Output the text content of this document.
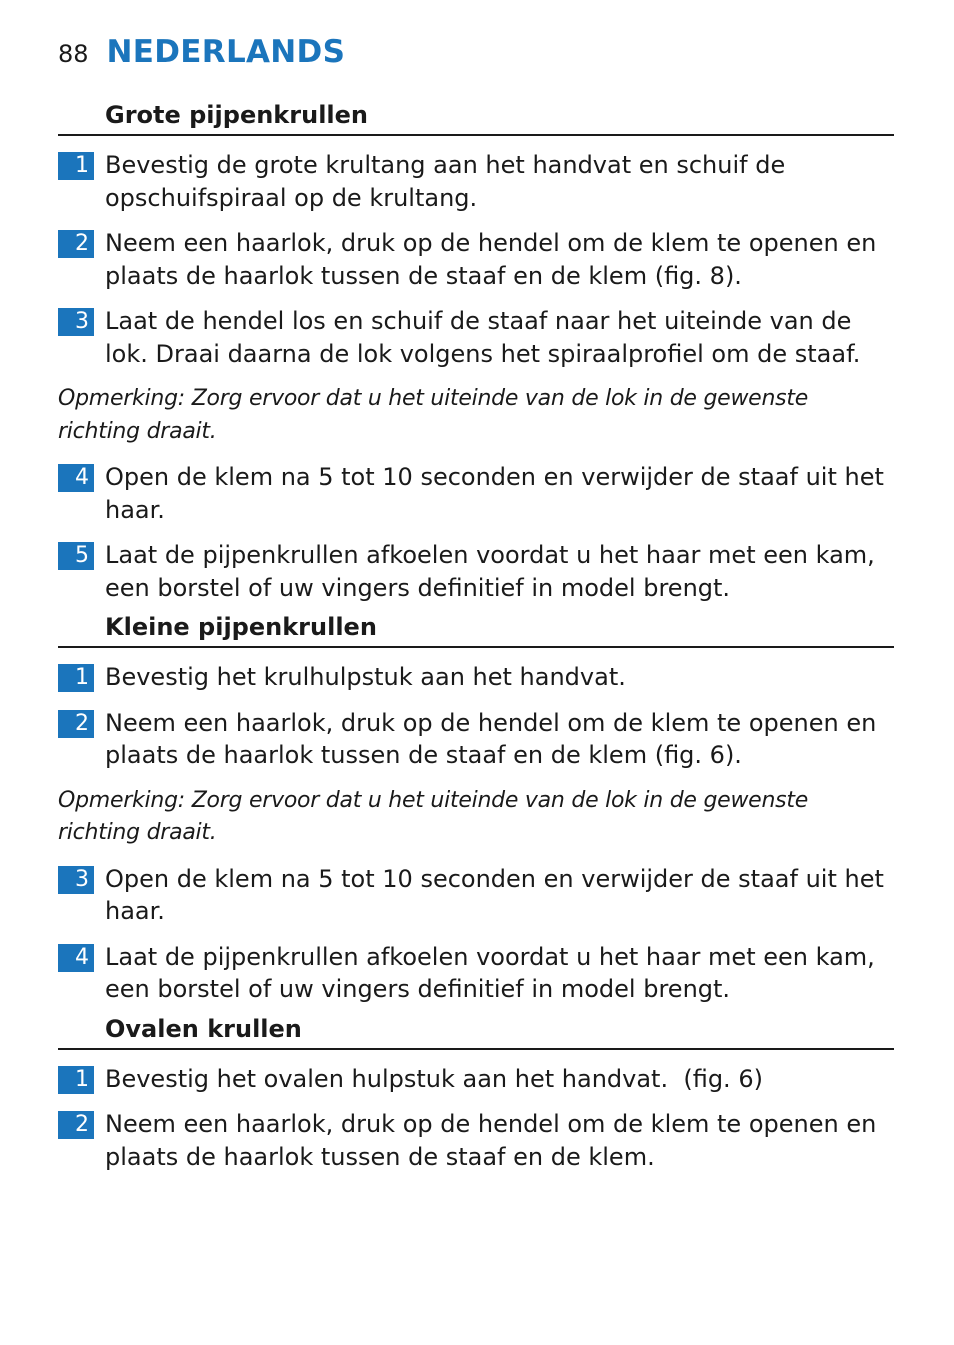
88 NEDERLANDS
Grote pijpenkrullen
1 Bevestig de grote krultang aan het handvat en schuif de opschuifspiraal op de krultang.
2 Neem een haarlok, druk op de hendel om de klem te openen en plaats de haarlok tussen de staaf en de klem (fig. 8).
3 Laat de hendel los en schuif de staaf naar het uiteinde van de lok. Draai daarna de lok volgens het spiraalprofiel om de staaf.
Opmerking: Zorg ervoor dat u het uiteinde van de lok in de gewenste richting draait.
4 Open de klem na 5 tot 10 seconden en verwijder de staaf uit het haar.
5 Laat de pijpenkrullen afkoelen voordat u het haar met een kam, een borstel of uw vingers definitief in model brengt.
Kleine pijpenkrullen
1 Bevestig het krulhulpstuk aan het handvat.
2 Neem een haarlok, druk op de hendel om de klem te openen en plaats de haarlok tussen de staaf en de klem (fig. 6).
Opmerking: Zorg ervoor dat u het uiteinde van de lok in de gewenste richting draait.
3 Open de klem na 5 tot 10 seconden en verwijder de staaf uit het haar.
4 Laat de pijpenkrullen afkoelen voordat u het haar met een kam, een borstel of uw vingers definitief in model brengt.
Ovalen krullen
1 Bevestig het ovalen hulpstuk aan het handvat.  (fig. 6)
2 Neem een haarlok, druk op de hendel om de klem te openen en plaats de haarlok tussen de staaf en de klem.
